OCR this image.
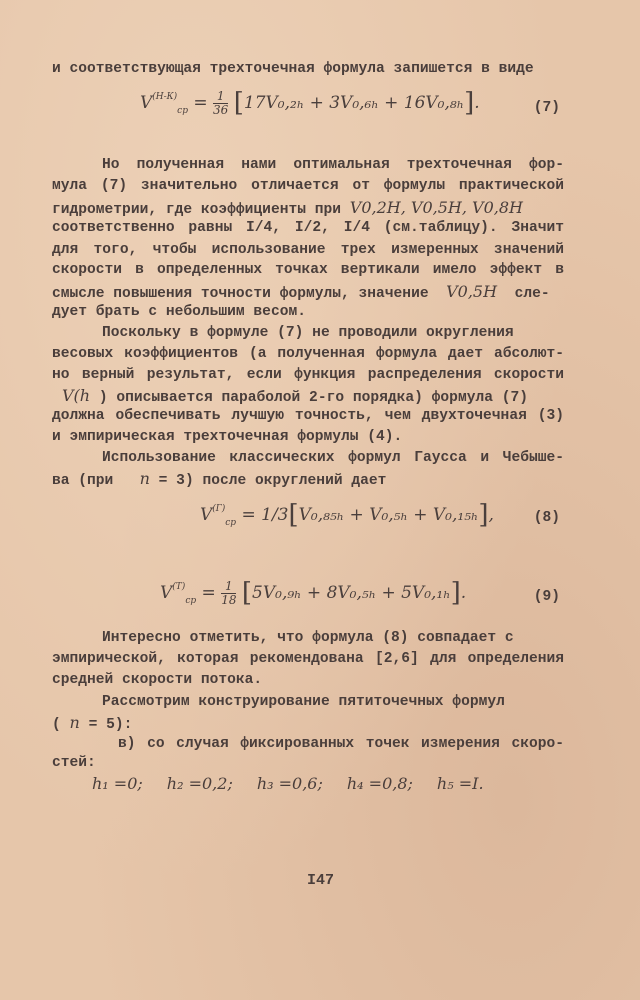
и соответствующая трехточечная формула запишется в виде
$V^{(Н-К)}_{ср} = \frac{1}{36} [17V_0,_{2h} + 3V_0,_{6h} + 16V_0,_{8h}]$.	(7)
Но полученная нами оптимальная трехточечная фор-
мула (7) значительно отличается от формулы практической
гидрометрии, где коэффициенты при V0,2H, V0,5H, V0,8H
соответственно равны I/4, I/2, I/4 (см.таблицу). Значит
для того, чтобы использование трех измеренных значений
скорости в определенных точках вертикали имело эффект в
смысле повышения точности формулы, значение V0,5H сле-
дует брать с небольшим весом.
Поскольку в формуле (7) не проводили округления
весовых коэффициентов (а полученная формула дает абсолют-
но верный результат, если функция распределения скорости
V(h ) описывается параболой 2-го порядка) формула (7)
должна обеспечивать лучшую точность, чем двухточечная (3)
и эмпирическая трехточечная формулы (4).
Использование классических формул Гаусса и Чебыше-
ва (при n = 3) после округлений дает
$V^{(Г)}_{ср} = 1/3[V_0,_{85h} + V_0,_{5h} + V_0,_{15h}]$,	(8)
$V^{(Т)}_{ср} = \frac{1}{18} [5V_0,_{9h} + 8V_0,_{5h} + 5V_0,_{1h}]$.	(9)
Интересно отметить, что формула (8) совпадает с
эмпирической, которая рекомендована [2,6] для определения
средней скорости потока.
Рассмотрим конструирование пятиточечных формул
( n = 5):
в) со случая фиксированных точек измерения скоро-
стей:
h₁ =0; h₂ =0,2; h₃ =0,6; h₄ =0,8; h₅ =I.
I47
